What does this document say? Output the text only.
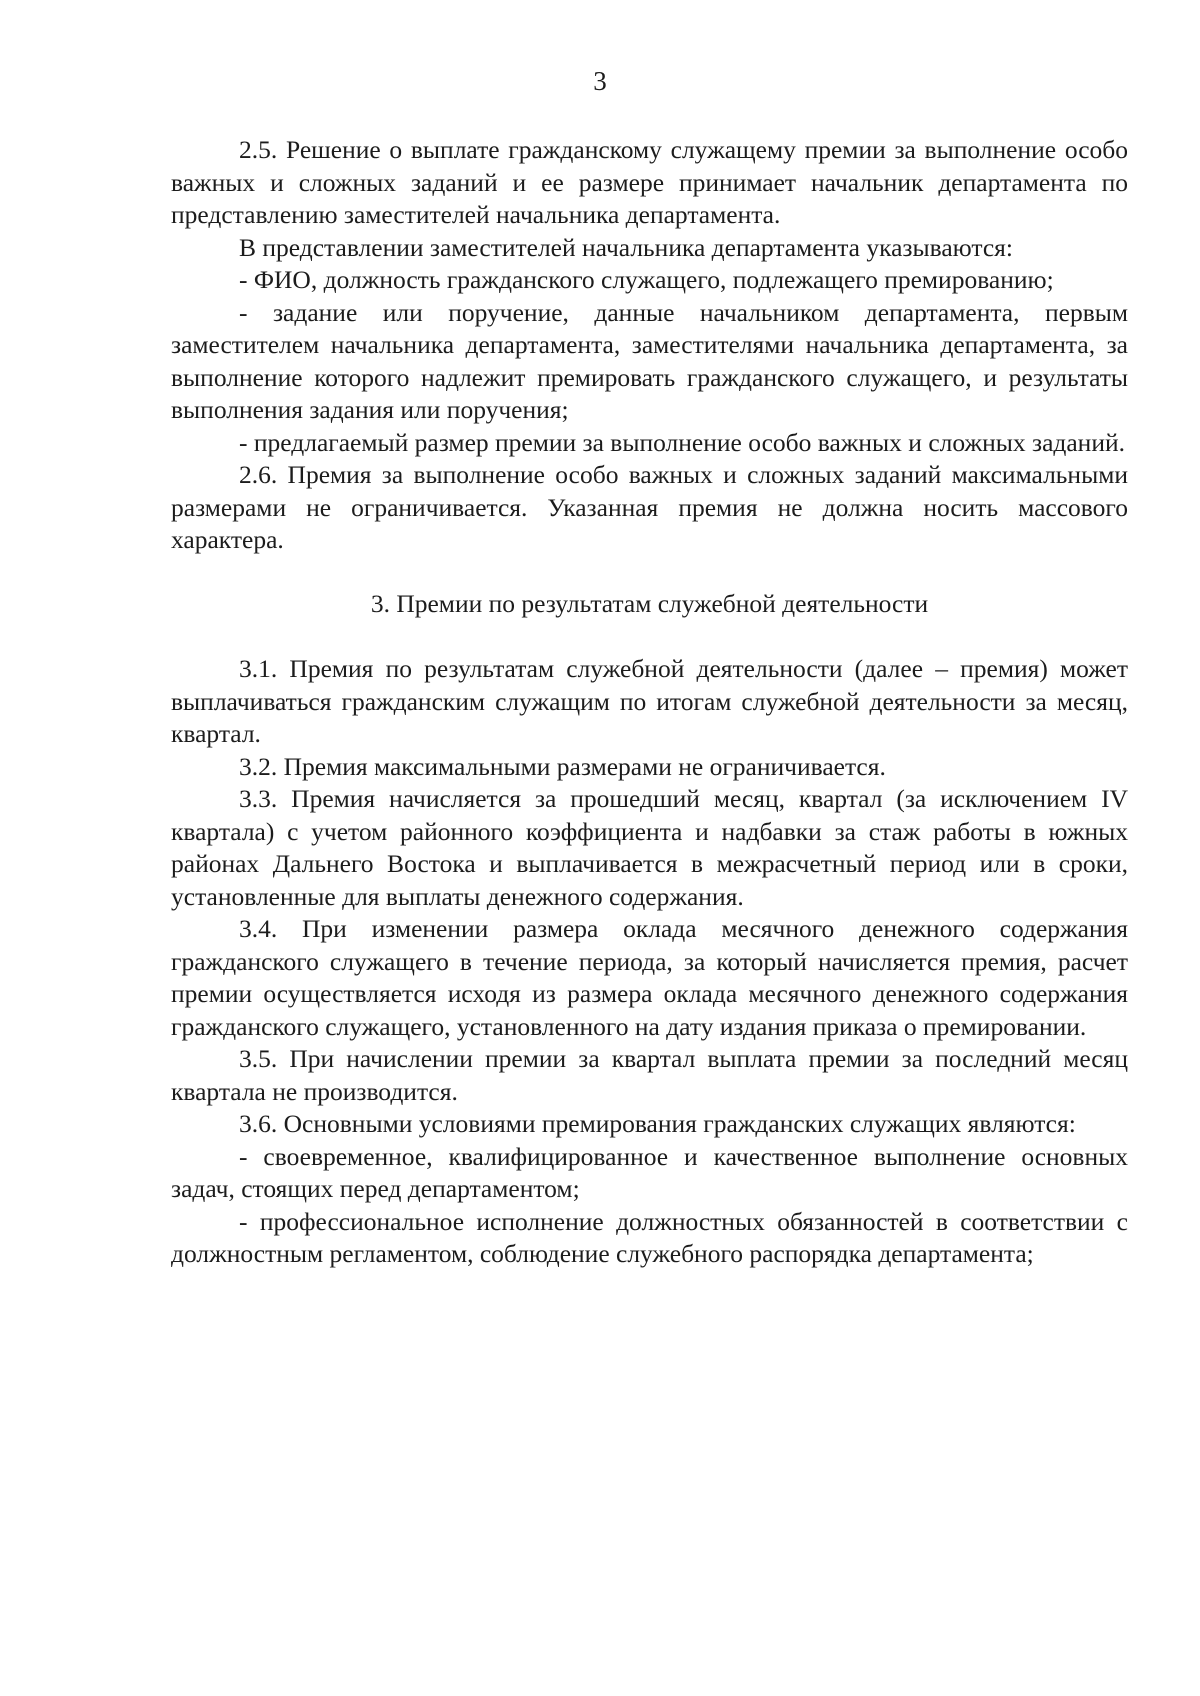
3

2.5. Решение о выплате гражданскому служащему премии за выполнение особо важных и сложных заданий и ее размере принимает начальник департамента по представлению заместителей начальника департамента.

В представлении заместителей начальника департамента указываются:

- ФИО, должность гражданского служащего, подлежащего премированию;

- задание или поручение, данные начальником департамента, первым заместителем начальника департамента, заместителями начальника департамента, за выполнение которого надлежит премировать гражданского служащего, и результаты выполнения задания или поручения;

- предлагаемый размер премии за выполнение особо важных и сложных заданий.

2.6. Премия за выполнение особо важных и сложных заданий максимальными размерами не ограничивается. Указанная премия не должна носить массового характера.

3. Премии по результатам служебной деятельности

3.1. Премия по результатам служебной деятельности (далее – премия) может выплачиваться гражданским служащим по итогам служебной деятельности за месяц, квартал.

3.2. Премия максимальными размерами не ограничивается.

3.3. Премия начисляется за прошедший месяц, квартал (за исключением IV квартала) с учетом районного коэффициента и надбавки за стаж работы в южных районах Дальнего Востока и выплачивается в межрасчетный период или в сроки, установленные для выплаты денежного содержания.

3.4. При изменении размера оклада месячного денежного содержания гражданского служащего в течение периода, за который начисляется премия, расчет премии осуществляется исходя из размера оклада месячного денежного содержания гражданского служащего, установленного на дату издания приказа о премировании.

3.5. При начислении премии за квартал выплата премии за последний месяц квартала не производится.

3.6. Основными условиями премирования гражданских служащих являются:

- своевременное, квалифицированное и качественное выполнение основных задач, стоящих перед департаментом;

- профессиональное исполнение должностных обязанностей в соответствии с должностным регламентом, соблюдение служебного распорядка департамента;
